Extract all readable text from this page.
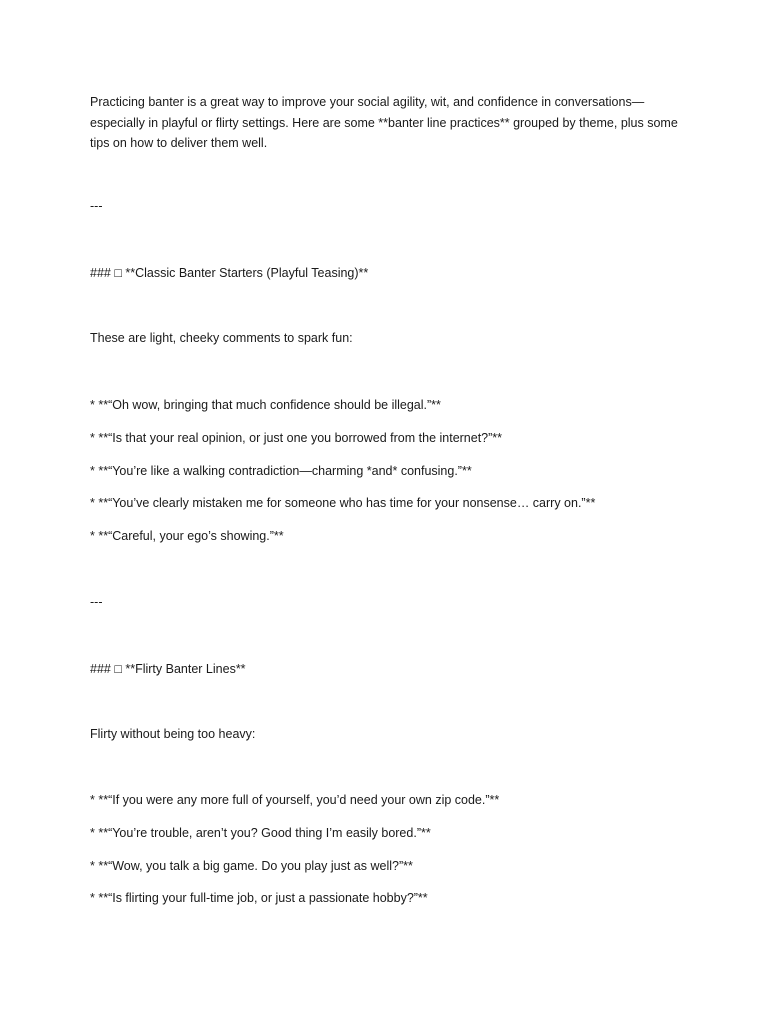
Practicing banter is a great way to improve your social agility, wit, and confidence in conversations—especially in playful or flirty settings. Here are some **banter line practices** grouped by theme, plus some tips on how to deliver them well.
---
### □ **Classic Banter Starters (Playful Teasing)**
These are light, cheeky comments to spark fun:
* **“Oh wow, bringing that much confidence should be illegal.”**
* **“Is that your real opinion, or just one you borrowed from the internet?”**
* **“You’re like a walking contradiction—charming *and* confusing.”**
* **“You’ve clearly mistaken me for someone who has time for your nonsense… carry on.”**
* **“Careful, your ego’s showing.”**
---
### □ **Flirty Banter Lines**
Flirty without being too heavy:
* **“If you were any more full of yourself, you’d need your own zip code.”**
* **“You’re trouble, aren’t you? Good thing I’m easily bored.”**
* **“Wow, you talk a big game. Do you play just as well?”**
* **“Is flirting your full-time job, or just a passionate hobby?”**
